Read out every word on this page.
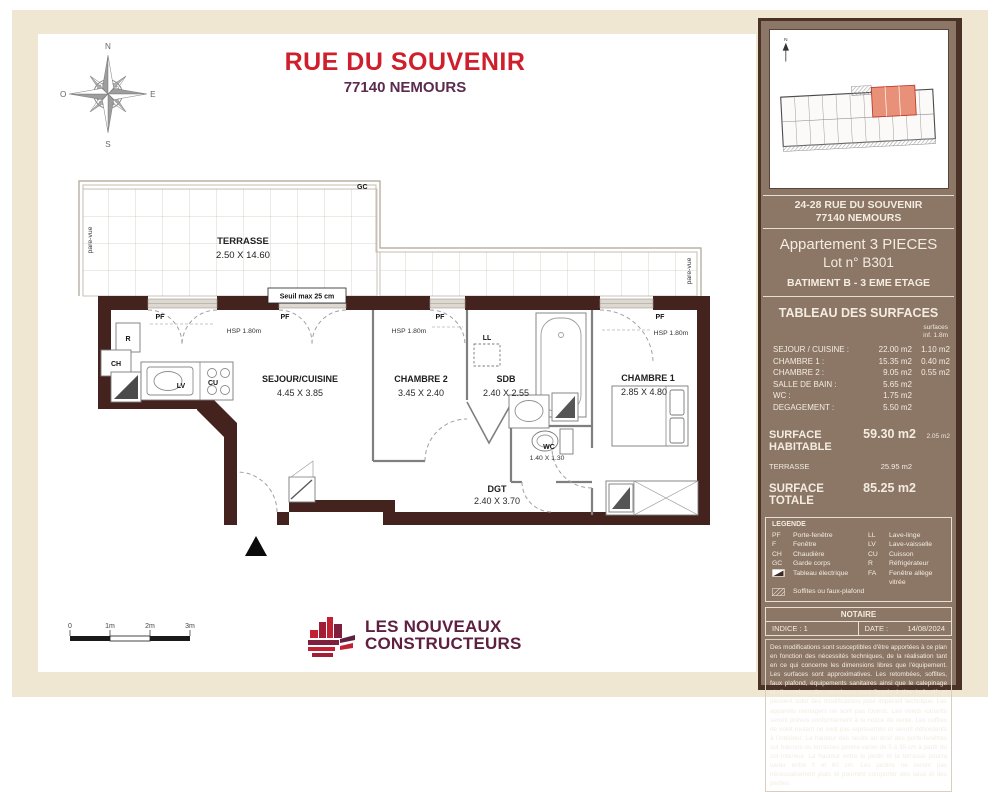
RUE DU SOUVENIR
77140 NEMOURS
N
E
S
O
GC
pare-vue
pare-vue
TERRASSE
2.50 X 14.60
Seuil max 25 cm
PF	PF	PF	PF
HSP 1.80m	HSP 1.80m	HSP 1.80m
R
CH
LV	CU
LL
SEJOUR/CUISINE
4.45 X 3.85
CHAMBRE 2
3.45 X 2.40
SDB
2.40 X 2.55
WC
1.40 X 1.30
DGT
2.40 X 3.70
CHAMBRE 1
2.85 X 4.80
0	1m	2m	3m	LES NOUVEAUX
CONSTRUCTEURS
N
24-28 RUE DU SOUVENIR
77140 NEMOURS
Appartement 3 PIECES
Lot n° B301
BATIMENT B - 3 EME ETAGE
TABLEAU DES SURFACES
surfaces
inf. 1.8m
SEJOUR / CUISINE :	22.00 m2	1.10 m2
CHAMBRE 1 :	15.35 m2	0.40 m2
CHAMBRE 2 :	9.05 m2	0.55 m2
SALLE DE BAIN :	5.65 m2
WC :	1.75 m2
DEGAGEMENT :	5.50 m2
SURFACE HABITABLE
59.30 m2	2.05 m2
TERRASSE	25.95 m2
SURFACE TOTALE
85.25 m2
LEGENDE
PF	Porte-fenêtre	LL	Lave-linge
F	Fenêtre	LV	Lave-vaisselle
CH	Chaudière	CU	Cuisson
GC	Garde corps	R	Réfrigérateur
Tableau électrique	FA	Fenêtre allège vitrée
Soffites ou faux-plafond
NOTAIRE
INDICE : 1	DATE :	14/08/2024
Des modifications sont susceptibles d'être apportées à ce plan en fonction des nécessités techniques, de la réalisation tant en ce qui concerne les dimensions libres que l'équipement. Les surfaces sont approximatives. Les retombées, soffites, faux plafond, équipements sanitaires ainsi que le calepinage et dimensions des carrelages sont figurés à titre indicatif, et peuvent subir des modifications pour impératif technique. Les appareils ménagers ne sont pas fournis. Les volets roulants seront prévus conformément à la notice de vente. Les coffres de volet roulant ne sont pas représentés et seront débordants à l'intérieur. La hauteur des seuils au droit des porte-fenêtres sur balcons ou terrasses pourra varier de 5 à 35 cm à partir du sol intérieur. La hauteur entre le jardin et la terrasse pourra varier entre 0 et 60 cm. Les jardins ne seront pas nécessairement plats et pourront comporter des talus et des pentes.
